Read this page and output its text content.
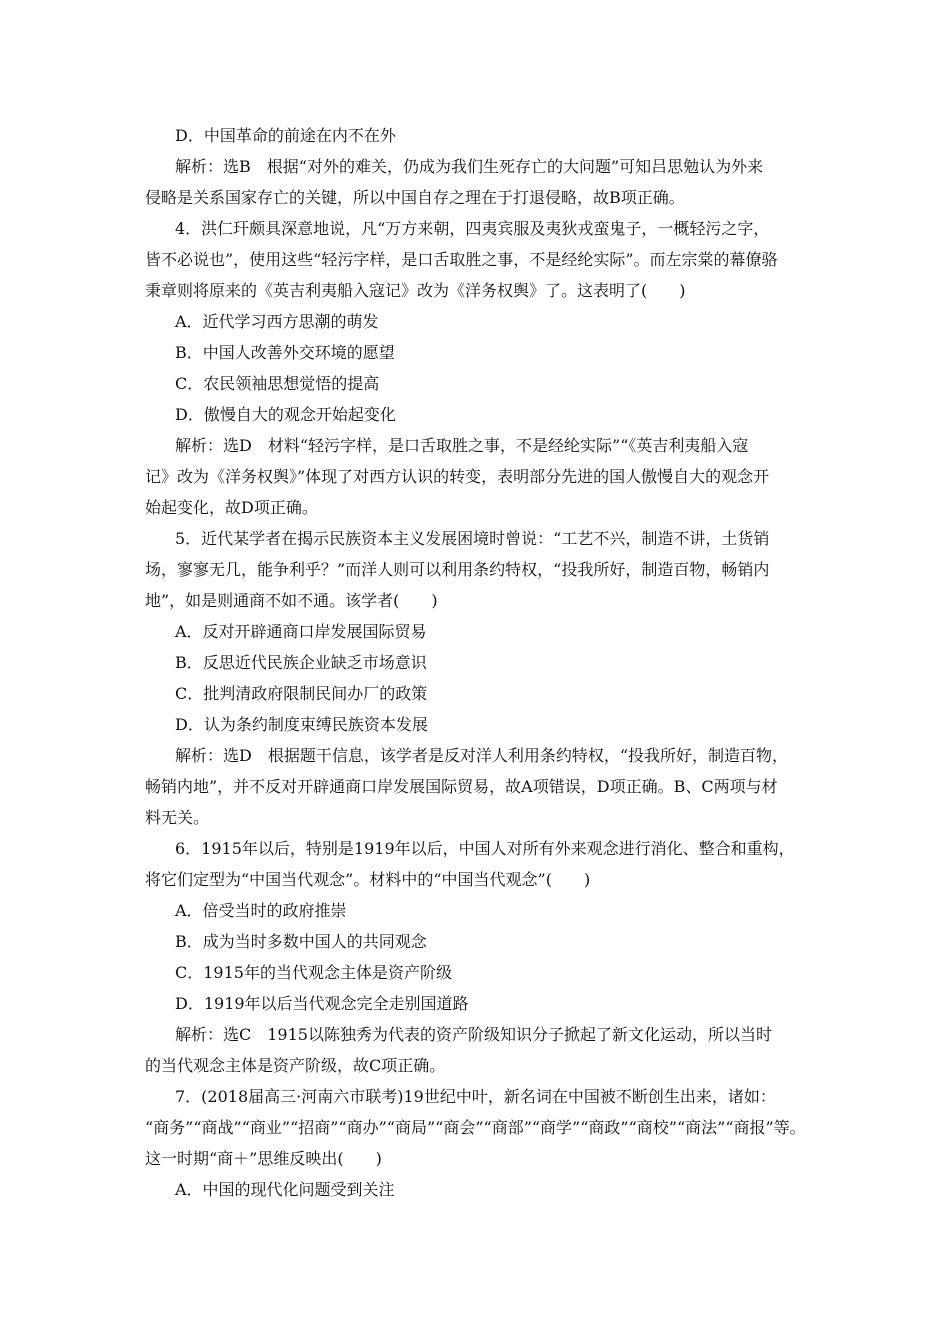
D．中国革命的前途在内不在外
解析：选B　根据“对外的难关，仍成为我们生死存亡的大问题”可知吕思勉认为外来
侵略是关系国家存亡的关键，所以中国自存之理在于打退侵略，故B项正确。
4．洪仁玕颇具深意地说，凡“万方来朝，四夷宾服及夷狄戎蛮鬼子，一概轻污之字，
皆不必说也”，使用这些“轻污字样，是口舌取胜之事，不是经纶实际”。而左宗棠的幕僚骆
秉章则将原来的《英吉利夷船入寇记》改为《洋务权舆》了。这表明了(　　)
A．近代学习西方思潮的萌发
B．中国人改善外交环境的愿望
C．农民领袖思想觉悟的提高
D．傲慢自大的观念开始起变化
解析：选D　材料“轻污字样，是口舌取胜之事，不是经纶实际”“《英吉利夷船入寇
记》改为《洋务权舆》”体现了对西方认识的转变，表明部分先进的国人傲慢自大的观念开
始起变化，故D项正确。
5．近代某学者在揭示民族资本主义发展困境时曾说：“工艺不兴，制造不讲，土货销
场，寥寥无几，能争利乎？”而洋人则可以利用条约特权，“投我所好，制造百物，畅销内
地”，如是则通商不如不通。该学者(　　)
A．反对开辟通商口岸发展国际贸易
B．反思近代民族企业缺乏市场意识
C．批判清政府限制民间办厂的政策
D．认为条约制度束缚民族资本发展
解析：选D　根据题干信息，该学者是反对洋人利用条约特权，“投我所好，制造百物，
畅销内地”，并不反对开辟通商口岸发展国际贸易，故A项错误，D项正确。B、C两项与材
料无关。
6．1915年以后，特别是1919年以后，中国人对所有外来观念进行消化、整合和重构，
将它们定型为“中国当代观念”。材料中的“中国当代观念”(　　)
A．倍受当时的政府推崇
B．成为当时多数中国人的共同观念
C．1915年的当代观念主体是资产阶级
D．1919年以后当代观念完全走别国道路
解析：选C　1915以陈独秀为代表的资产阶级知识分子掀起了新文化运动，所以当时
的当代观念主体是资产阶级，故C项正确。
7．(2018届高三·河南六市联考)19世纪中叶，新名词在中国被不断创生出来，诸如：
“商务”“商战”“商业”“招商”“商办”“商局”“商会”“商部”“商学”“商政”“商校”“商法”“商报”等。
这一时期“商＋”思维反映出(　　)
A．中国的现代化问题受到关注
